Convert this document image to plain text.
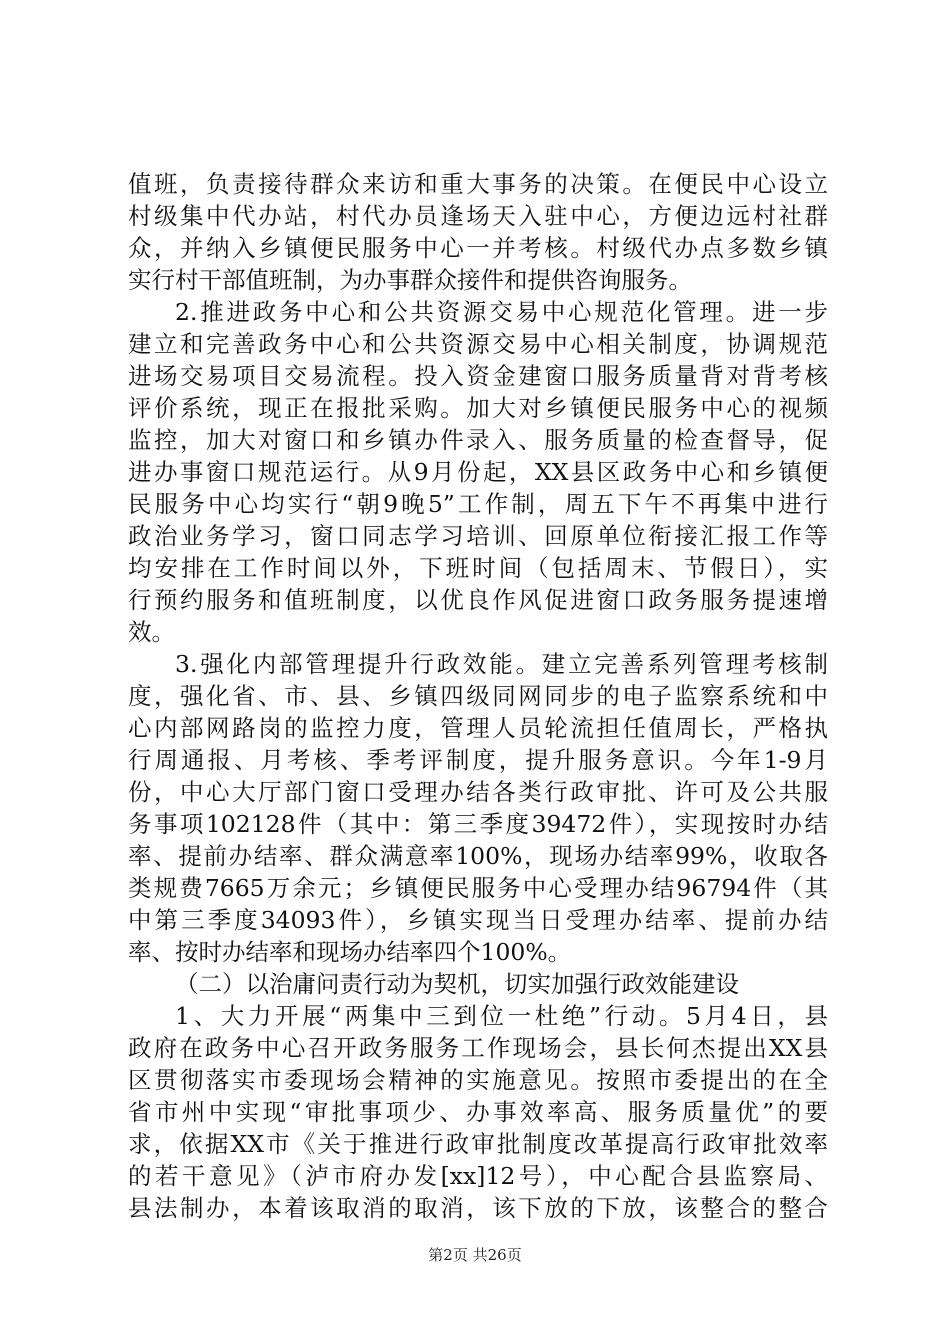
值班，负责接待群众来访和重大事务的决策。在便民中心设立

村级集中代办站，村代办员逢场天入驻中心，方便边远村社群

众，并纳入乡镇便民服务中心一并考核。村级代办点多数乡镇

实行村干部值班制，为办事群众接件和提供咨询服务。

2.推进政务中心和公共资源交易中心规范化管理。进一步

建立和完善政务中心和公共资源交易中心相关制度，协调规范

进场交易项目交易流程。投入资金建窗口服务质量背对背考核

评价系统，现正在报批采购。加大对乡镇便民服务中心的视频

监控，加大对窗口和乡镇办件录入、服务质量的检查督导，促

进办事窗口规范运行。从9月份起，XX县区政务中心和乡镇便

民服务中心均实行“朝9晚5”工作制，周五下午不再集中进行

政治业务学习，窗口同志学习培训、回原单位衔接汇报工作等

均安排在工作时间以外，下班时间（包括周末、节假日），实

行预约服务和值班制度，以优良作风促进窗口政务服务提速增

效。

3.强化内部管理提升行政效能。建立完善系列管理考核制

度，强化省、市、县、乡镇四级同网同步的电子监察系统和中

心内部网路岗的监控力度，管理人员轮流担任值周长，严格执

行周通报、月考核、季考评制度，提升服务意识。今年1-9月

份，中心大厅部门窗口受理办结各类行政审批、许可及公共服

务事项102128件（其中：第三季度39472件），实现按时办结

率、提前办结率、群众满意率100%，现场办结率99%，收取各

类规费7665万余元；乡镇便民服务中心受理办结96794件（其

中第三季度34093件），乡镇实现当日受理办结率、提前办结

率、按时办结率和现场办结率四个100%。

（二）以治庸问责行动为契机，切实加强行政效能建设

1、大力开展“两集中三到位一杜绝”行动。5月4日，县

政府在政务中心召开政务服务工作现场会，县长何杰提出XX县

区贯彻落实市委现场会精神的实施意见。按照市委提出的在全

省市州中实现“审批事项少、办事效率高、服务质量优”的要

求，依据XX市《关于推进行政审批制度改革提高行政审批效率

的若干意见》（泸市府办发[xx]12号），中心配合县监察局、

县法制办，本着该取消的取消，该下放的下放，该整合的整合

第2页 共26页
